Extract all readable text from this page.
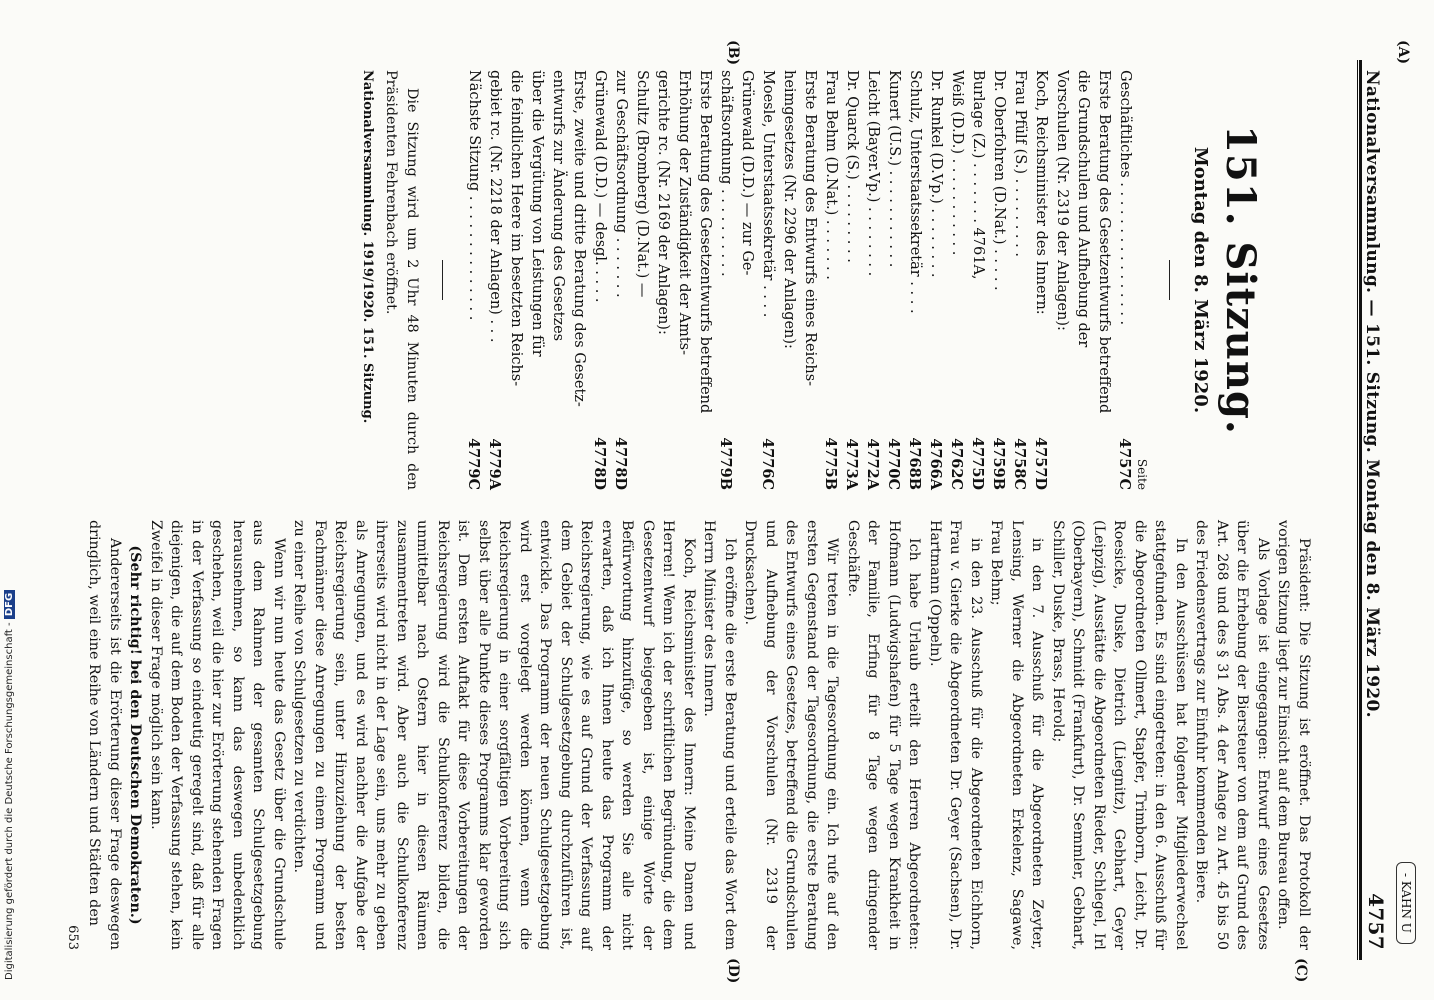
(A)
- KAHN U
Nationalversammlung. — 151. Sitzung. Montag den 8. März 1920.
4757
151. Sitzung.
Montag den 8. März 1920.
Seite
Geschäftliches . . . . . . . . . . . . . . . .
4757C
Erste Beratung des Gesetzentwurfs betreffend
die Grundschulen und Aufhebung der
Vorschulen (Nr. 2319 der Anlagen):
Koch, Reichsminister des Innern:
4757D
Frau Pfülf (S.) . . . . . . . . .
4758C
Dr. Oberfohren (D.Nat.) . . . . .
4759B
Burlage (Z.) . . . . . . . 4761A,
4775D
Weiß (D.D.) . . . . . . . . . . .
4762C
Dr. Runkel (D.Vp.) . . . . . . . .
4766A
Schulz, Unterstaatssekretär . . . .
4768B
Kunert (U.S.) . . . . . . . . . . .
4770C
Leicht (Bayer.Vp.) . . . . . . . .
4772A
Dr. Quarck (S.) . . . . . . . . .
4773A
Frau Behm (D.Nat.) . . . . . . .
4775B
Erste Beratung des Entwurfs eines Reichs-
heimgesetzes (Nr. 2296 der Anlagen):
Moesle, Unterstaatssekretär . . . .
4776C
Grünewald (D.D.) — zur Ge-
schäftsordnung . . . . . . . . . .
4779B
Erste Beratung des Gesetzentwurfs betreffend
Erhöhung der Zuständigkeit der Amts-
gerichte rc. (Nr. 2169 der Anlagen):
Schultz (Bromberg) (D.Nat.) —
zur Geschäftsordnung . . . . . . .
4778D
Grünewald (D.D.) — desgl. . . . .
4778D
Erste, zweite und dritte Beratung des Gesetz-
entwurfs zur Änderung des Gesetzes
über die Vergütung von Leistungen für
die feindlichen Heere im besetzten Reichs-
gebiet rc. (Nr. 2218 der Anlagen) . . .
4779A
Nächste Sitzung . . . . . . . . . . . . . .
4779C

Die Sitzung wird um 2 Uhr 48 Minuten durch den Präsidenten Fehrenbach eröffnet.

Nationalversammlung. 1919/1920. 151. Sitzung.
(B)

Präsident: Die Sitzung ist eröffnet. Das Protokoll der vorigen Sitzung liegt zur Einsicht auf dem Bureau offen.

Als Vorlage ist eingegangen: Entwurf eines Gesetzes über die Erhebung der Biersteuer von dem auf Grund des Art. 268 und des § 31 Abs. 4 der Anlage zu Art. 45 bis 50 des Friedensvertrags zur Einfuhr kommenden Biere.

In den Ausschüssen hat folgender Mitgliederwechsel stattgefunden. Es sind eingetreten: in den 6. Ausschuß für die Abgeordneten Ollmert, Stapfer, Trimborn, Leicht, Dr. Roesicke, Duske, Dietrich (Liegnitz), Gebhart, Geyer (Leipzig), Ausstätte die Abgeordneten Rieder, Schlegel, Irl (Oberbayern), Schmidt (Frankfurt), Dr. Semmler, Gebhart, Schiller, Duske, Brass, Herold;

in den 7. Ausschuß für die Abgeordneten Zeyter, Lensing, Werner die Abgeordneten Erkelenz, Sagawe, Frau Behm;

in den 23. Ausschuß für die Abgeordneten Eichhorn, Frau v. Gierke die Abgeordneten Dr. Geyer (Sachsen), Dr. Hartmann (Oppeln).

Ich habe Urlaub erteilt den Herren Abgeordneten: Hofmann (Ludwigshafen) für 5 Tage wegen Krankheit in der Familie, Erfing für 8 Tage wegen dringender Geschäfte.

Wir treten in die Tagesordnung ein. Ich rufe auf den ersten Gegenstand der Tagesordnung, die erste Beratung des Entwurfs eines Gesetzes, betreffend die Grundschulen und Aufhebung der Vorschulen (Nr. 2319 der Drucksachen).

Ich eröffne die erste Beratung und erteile das Wort dem Herrn Minister des Innern.

Koch, Reichsminister des Innern: Meine Damen und Herren! Wenn ich der schriftlichen Begründung, die dem Gesetzentwurf beigegeben ist, einige Worte der Befürwortung hinzufüge, so werden Sie alle nicht erwarten, daß ich Ihnen heute das Programm der Reichsregierung, wie es auf Grund der Verfassung auf dem Gebiet der Schulgesetzgebung durchzuführen ist, entwickle. Das Programm der neuen Schulgesetzgebung wird erst vorgelegt werden können, wenn die Reichsregierung in einer sorgfältigen Vorbereitung sich selbst über alle Punkte dieses Programms klar geworden ist. Dem ersten Auftakt für diese Vorbereitungen der Reichsregierung wird die Schulkonferenz bilden, die unmittelbar nach Ostern hier in diesen Räumen zusammentreten wird. Aber auch die Schulkonferenz ihrerseits wird nicht in der Lage sein, uns mehr zu geben als Anregungen, und es wird nachher die Aufgabe der Reichsregierung sein, unter Hinzuziehung der besten Fachmänner diese Anregungen zu einem Programm und zu einer Reihe von Schulgesetzen zu verdichten.

Wenn wir nun heute das Gesetz über die Grundschule aus dem Rahmen der gesamten Schulgesetzgebung herausnehmen, so kann das deswegen unbedenklich geschehen, weil die hier zur Erörterung stehenden Fragen in der Verfassung so eindeutig geregelt sind, daß für alle diejenigen, die auf dem Boden der Verfassung stehen, kein Zweifel in dieser Frage möglich sein kann.

(Sehr richtig! bei den Deutschen Demokraten.)

Andererseits ist die Erörterung dieser Frage deswegen dringlich, weil eine Reihe von Ländern und Städten den

653
(C)
(D)
Digitalisierung gefördert durch die Deutsche Forschungsgemeinschaft - DFG
